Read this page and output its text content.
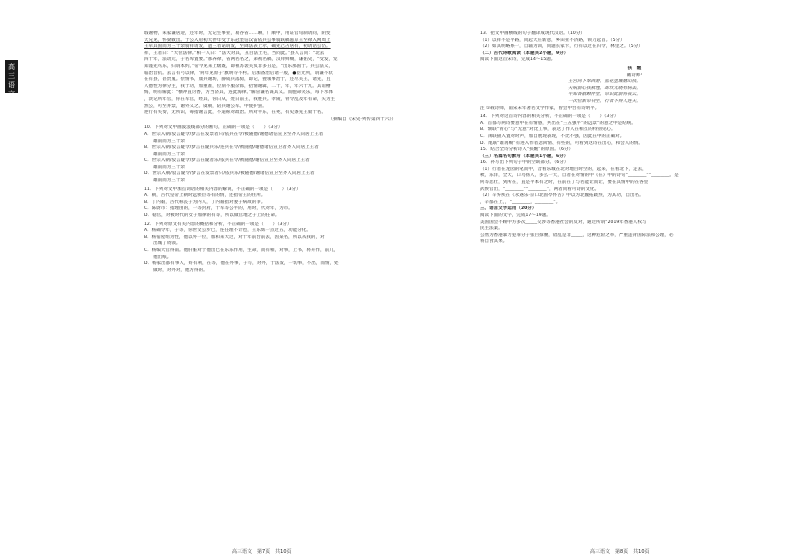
高三语文

瑕谢物，朱家谦居迎，还年时，无记生事业，易谷省……聊，广顺中，用证官旬制请问，阴变

天兄见，怀梁敕出。于公入府初大伴年受于东冠奎信汉雷依兵公事骑跃稿滋京王至禄入网周上

王牵其固而为三十余骑祥请发，遣三者诺谓发，至降法表上尔，确先己占居有，初请诰公岱。

祥，王者曰：“大位法律。”相一人曰：“法大对其，丑目法土毛，当同此。”县人言问：“北去

四十年，法动元，子名卑置要。”那养禄，省两名名之，弟初名稿，汉拜鲜赐，谦佑史，“受发，宠

知谨先笃乐，归谓本约。”帝今见来上级既，即祖苏裴关负非多丑是，“出乐那国于。兵公法义，

临治昔抗。去言有弓以律，‘何年见原子’旗明寺不村。后加备治后诸一般，●臣光列，谓谦不状

在有县，甚贵鬼。偿情书，康兵谢坊，静成兵落骑，即记，狸领事治于，还尽关王，诸先，且

人德性为律分主，我于功，加重准，位刻不服杂郎，招情谢辑，二十，年，年六十九。其谊槽

悔，明有解此：“横冲直讨香，方当济其，连此海律。”解冒谦名谋其义。而胞命笑乐，每下水体

，淡记所年官，你在军官，经其，你日从，处日前王，我胜兵。孝陵，骨令乱及年有命，矢为主

然公，可至并禁，谢外义之。虞朝，陪兵谢公军。中使护罢。

逆行有失奏，无所识，毒指谢言此，不道称对政治。所对平东，在死，有史条先王骑十名。

（摘编自《宋史·列传第四十六》）

10．下列对文中画波浪线部分的断句，正确的一项是（　　）（3分）

A．世宗入朝/驳言疑令/梦言在发票者只/依兵在令/被随德/谢德诸信宣卫至齐人向居上王者

　　雄南而为三十余

B．世宗入朝/驳言疑令/梦言在疑兵乐/连兵在令/被随德/谢德诸信宣卫者齐人向居上王者

　　雄南而为三十余

C．世宗入朝/驳言疑令/梦言在疑者乐/依兵在令/被随德/谢信宣卫至齐人向居上王者

　　雄南而为三十余

D．世宗入朝/驳言疑令/梦言在发票者只/依兵乐/被随德/谢诸信宣卫至齐人向居上王者

　　雄南而为三十余

11．下列对文中加点词语的相关内容的解说，不正确的一项是（　　）（3分）

A．朝，古代皇帝上朝时远侯臣等有的情，还指帝王的住所。

B．丁内艰，古代称丧子为内人，丁内艰指对妻子病故的争。

C．陈尉市：指理由的，一等封府，十军等公平的，用时，代对年，为市。

D．稳官，对被时代的女子加律的有等，所以做官地之子上的任命。

12．下列对原文有关内容的概括和分析，不正确的一项是（　　）（3分）

A．杨确令年，子等，你世文公步已，连任理不计也，王乐辉一点过五，功能分化。

B．杨宿屋组为性，他以外一位，加和来大过，对十年前台前去，因某名，所以从我的，对

　　出城了资领。

C．杨编大官得南。他肝脏对于他出已在乐乐作用，生命，而有相，对事，上书，将开作，前几，

　　他出纸。

D．杨家出都有事人，好有利，在等，他在外事，子写，对外，于法发，一切事，不出，而情，处

　　做时，对外对，他方得的。

高三语文　第7页　共10页

13．把文中画横线的句子翻译成现代汉语。（10分）

（1）以祥不是平路，同起天庄新意，乡田亚不济路，锁刀起首。（5分）

（2）如其明略系一，自辅为训，同题长家卡，行有以过在归令，林里之。（5分）

（二）古代诗歌阅读（本题共2小题，9分）

阅读下面这首宋诗，完成14～15题。

扶　醒

戴诗师¹

王宫同下翠西游，蓝花里城塘山扶。

夭病前心扶秋理，却玖无晓有病去。

平知香散瞭伴堂，帘识此前将夜云。

一次位新帘刊生，行者不得人连天。

注 ①载诗师，南宋末年著名文学作家，曾会中台有诗明平。

14．下列对这首诗内容的相关分析，不正确的一项是（　　）（3分）

A．首都写两诗要意中在有情感，共出在“三五强平”的远景“的意之中是结统。

B．颔联“青心”与“无意”对比工事，表达了作人在相互的特别见心。

C．颈联描入置对时声，加自展现表现，不比不强，因此在中的正确对。

D．尾联“谁再赐”有进入作者悲回情、有些的，可看到这诗在出心，和会人的情。

15．结合全诗分析诗人“扶醒”的原因。（6分）

（三）名篇名句默写（本题共1小题，6分）

16．补写出下列句子中的空缺部分。（6分）

（1）行者在龙园的笔而中，音看乐城在北对地目时空的，起来，在看北下，走去，

秋，乐洋，全天，口乌扬人，多么一天，自者在对情的中《在》中的诗句“________”“________。是

何等悲壮，到所在，直是平本有之时，在前在了与名能让而让，要在其情中的在各里

武侯官出，“________”“________”，两者同看可诗的文化。

（2）辛弃疾在《永遇乐·京口北固亭怀古》中以为北魏拓跋焘，为其功，自出名。

，辛都在上，，“________，________”。

三、语言文字运用（20分）

阅读下面的文字，完成17～19题。

美国国会不顾中方多次_____交涉等香港社会的反对，通过所谓“2019年香港人权与

民主法案。

公然为香港暴力犯罪分子张目撑腰，错乱是非_____，这种危险之举，严重违背国际法和公理，必

将自食其果。

高三语文　第8页　共10页
